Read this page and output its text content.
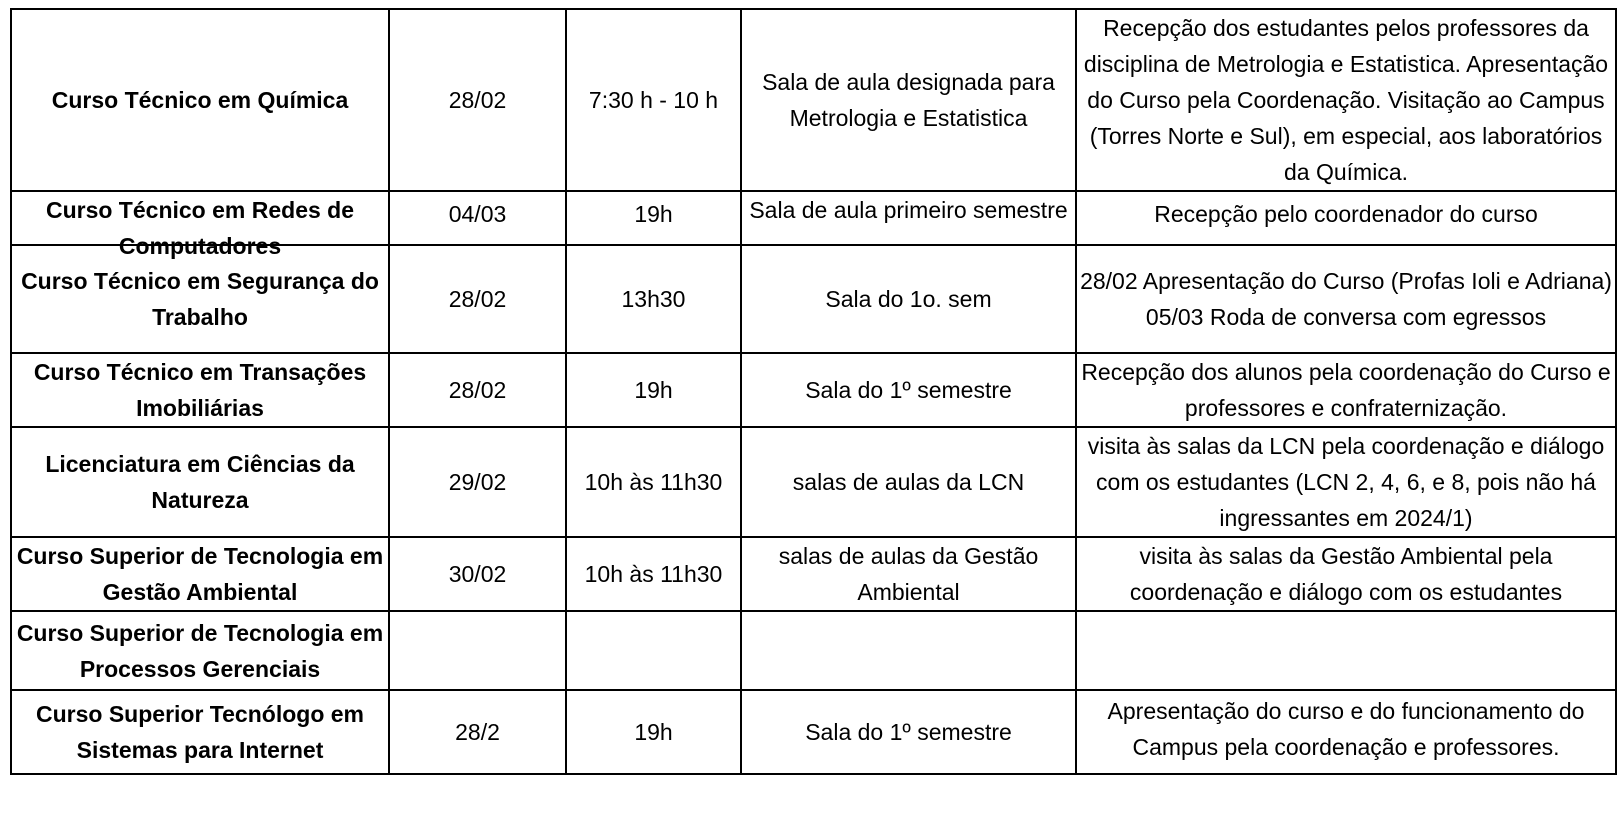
Curso Técnico em Química	28/02	7:30 h - 10 h	Sala de aula designada para Metrologia e Estatistica	Recepção dos estudantes pelos professores da disciplina de Metrologia e Estatistica. Apresentação do Curso pela Coordenação. Visitação ao Campus (Torres Norte e Sul), em especial, aos laboratórios da Química.

Curso Técnico em Redes de Computadores	04/03	19h	Sala de aula primeiro semestre	Recepção pelo coordenador do curso

Curso Técnico em Segurança do Trabalho	28/02	13h30	Sala do 1o. sem	28/02 Apresentação do Curso (Profas Ioli e Adriana)
05/03 Roda de conversa com egressos

Curso Técnico em Transações Imobiliárias	28/02	19h	Sala do 1º semestre	Recepção dos alunos pela coordenação do Curso e professores e confraternização.
Licenciatura em Ciências da Natureza	29/02	10h às 11h30	salas de aulas da LCN	visita às salas da LCN pela coordenação e diálogo com os estudantes (LCN 2, 4, 6, e 8, pois não há ingressantes em 2024/1)
Curso Superior de Tecnologia em Gestão Ambiental	30/02	10h às 11h30	salas de aulas da Gestão Ambiental	visita às salas da Gestão Ambiental pela coordenação e diálogo com os estudantes
Curso Superior de Tecnologia em Processos Gerenciais				
Curso Superior Tecnólogo em Sistemas para Internet	28/2	19h	Sala do 1º semestre	Apresentação do curso e do funcionamento do Campus pela coordenação e professores.
